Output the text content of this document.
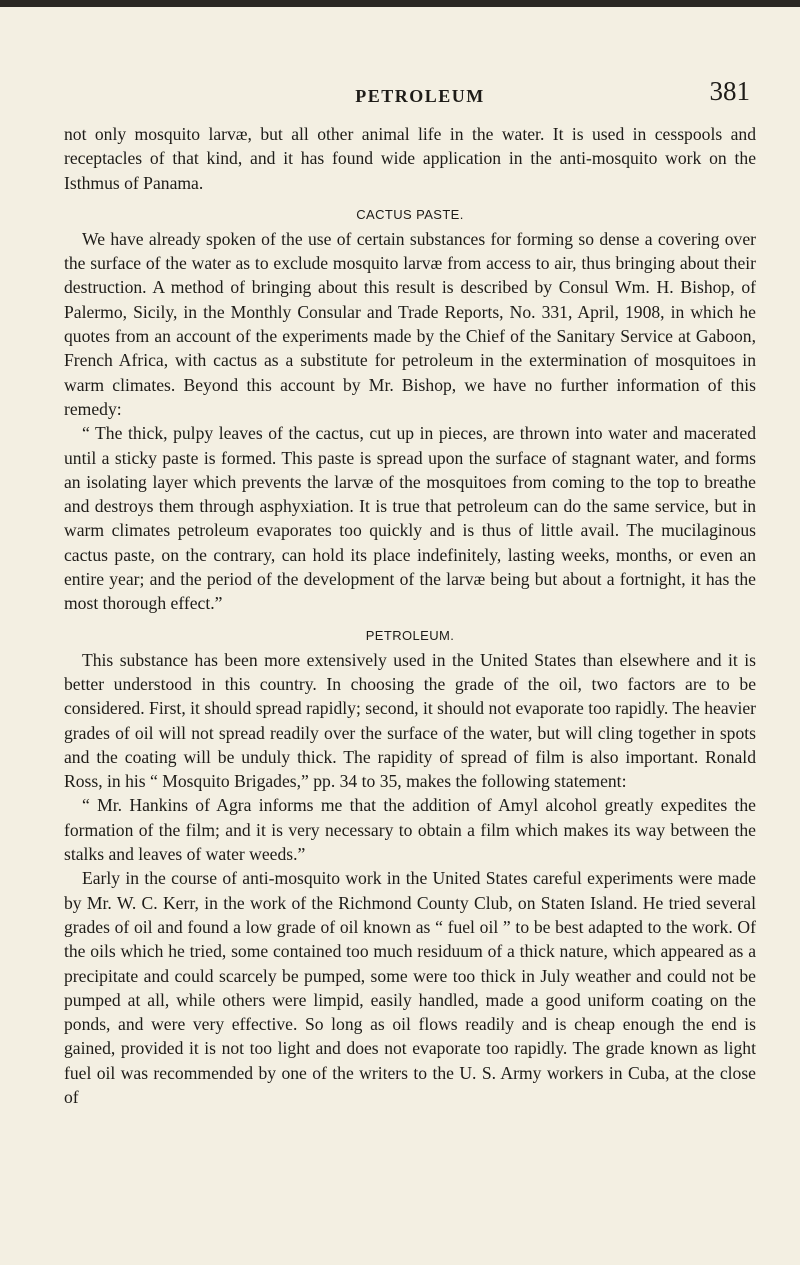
PETROLEUM	381

not only mosquito larvæ, but all other animal life in the water. It is used in cesspools and receptacles of that kind, and it has found wide application in the anti-mosquito work on the Isthmus of Panama.

CACTUS PASTE.

We have already spoken of the use of certain substances for forming so dense a covering over the surface of the water as to exclude mosquito larvæ from access to air, thus bringing about their destruction. A method of bringing about this result is described by Consul Wm. H. Bishop, of Palermo, Sicily, in the Monthly Consular and Trade Reports, No. 331, April, 1908, in which he quotes from an account of the experiments made by the Chief of the Sanitary Service at Gaboon, French Africa, with cactus as a substitute for petroleum in the extermination of mosquitoes in warm climates. Beyond this account by Mr. Bishop, we have no further information of this remedy:

“ The thick, pulpy leaves of the cactus, cut up in pieces, are thrown into water and macerated until a sticky paste is formed. This paste is spread upon the surface of stagnant water, and forms an isolating layer which prevents the larvæ of the mosquitoes from coming to the top to breathe and destroys them through asphyxiation. It is true that petroleum can do the same service, but in warm climates petroleum evaporates too quickly and is thus of little avail. The mucilaginous cactus paste, on the contrary, can hold its place indefinitely, lasting weeks, months, or even an entire year; and the period of the development of the larvæ being but about a fortnight, it has the most thorough effect.”

PETROLEUM.

This substance has been more extensively used in the United States than elsewhere and it is better understood in this country. In choosing the grade of the oil, two factors are to be considered. First, it should spread rapidly; second, it should not evaporate too rapidly. The heavier grades of oil will not spread readily over the surface of the water, but will cling together in spots and the coating will be unduly thick. The rapidity of spread of film is also important. Ronald Ross, in his “ Mosquito Brigades,” pp. 34 to 35, makes the following statement:

“ Mr. Hankins of Agra informs me that the addition of Amyl alcohol greatly expedites the formation of the film; and it is very necessary to obtain a film which makes its way between the stalks and leaves of water weeds.”

Early in the course of anti-mosquito work in the United States careful experiments were made by Mr. W. C. Kerr, in the work of the Richmond County Club, on Staten Island. He tried several grades of oil and found a low grade of oil known as “ fuel oil ” to be best adapted to the work. Of the oils which he tried, some contained too much residuum of a thick nature, which appeared as a precipitate and could scarcely be pumped, some were too thick in July weather and could not be pumped at all, while others were limpid, easily handled, made a good uniform coating on the ponds, and were very effective. So long as oil flows readily and is cheap enough the end is gained, provided it is not too light and does not evaporate too rapidly. The grade known as light fuel oil was recommended by one of the writers to the U. S. Army workers in Cuba, at the close of
